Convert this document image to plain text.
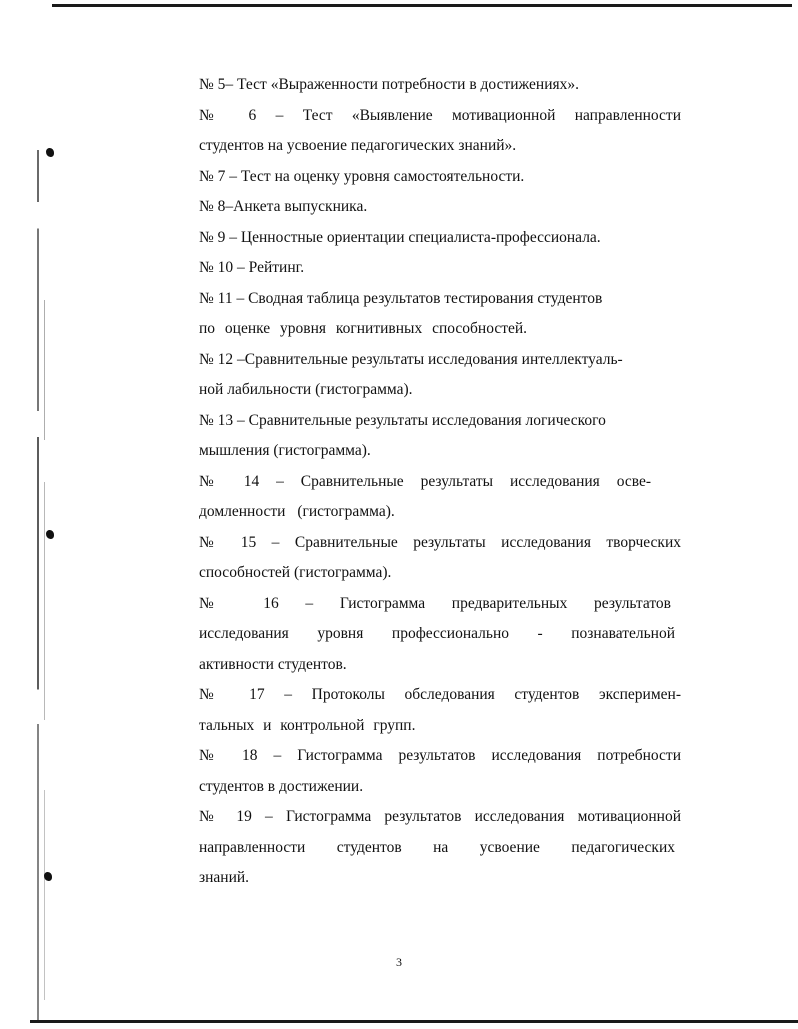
№ 5– Тест «Выраженности потребности в достижениях».
№ 6 – Тест «Выявление мотивационной направленности
студентов на усвоение педагогических знаний».
№ 7 – Тест на оценку уровня самостоятельности.
№ 8–Анкета выпускника.
№ 9 – Ценностные ориентации специалиста-профессионала.
№ 10 – Рейтинг.
№ 11 – Сводная таблица результатов тестирования студентов
по оценке уровня когнитивных способностей.
№ 12 –Сравнительные результаты исследования интеллектуаль-
ной лабильности (гистограмма).
№ 13 – Сравнительные результаты исследования логического
мышления (гистограмма).
№ 14 – Сравнительные результаты исследования осве-
домленности (гистограмма).
№ 15 – Сравнительные результаты исследования творческих
способностей (гистограмма).
№ 16 – Гистограмма предварительных результатов
исследования уровня профессионально - познавательной
активности студентов.
№ 17 – Протоколы обследования студентов эксперимен-
тальных и контрольной групп.
№ 18 – Гистограмма результатов исследования потребности
студентов в достижении.
№ 19 – Гистограмма результатов исследования мотивационной
направленности студентов на усвоение педагогических
знаний.
3
